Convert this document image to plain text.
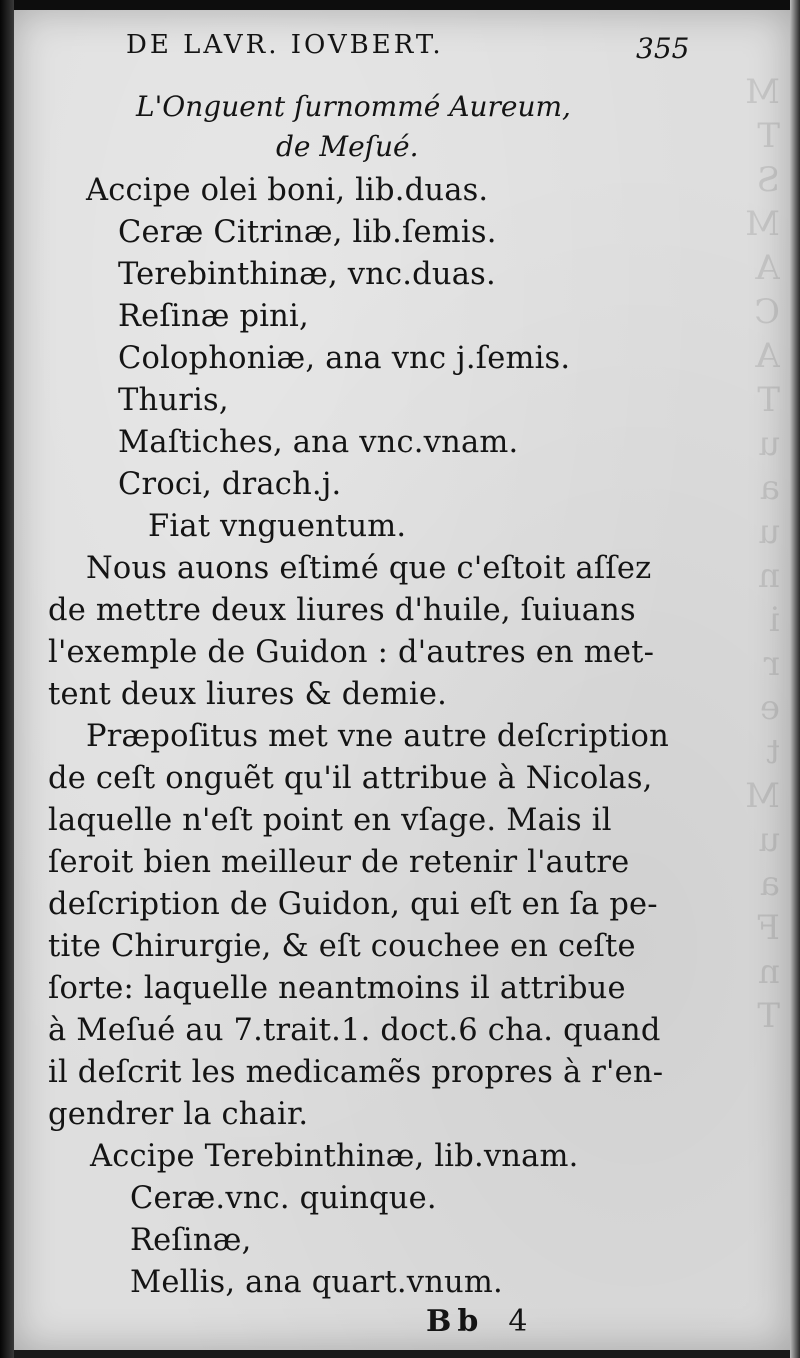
M
T
S
M
A
C
A
T
u
a
u
n
i
r
e
t
M
u
a
F
n
T
DE LAVR. IOVBERT.	355
L'Onguent ſurnommé Aureum,
de Meſué.
Accipe olei boni, lib.duas.
Ceræ Citrinæ, lib.ſemis.
Terebinthinæ, vnc.duas.
Reſinæ pini,
Colophoniæ, ana vnc j.ſemis.
Thuris,
Maſtiches, ana vnc.vnam.
Croci, drach.j.
Fiat vnguentum.
Nous auons eſtimé que c'eſtoit aſſez
de mettre deux liures d'huile, ſuiuans
l'exemple de Guidon : d'autres en met-
tent deux liures & demie.
Præpoſitus met vne autre deſcription
de ceſt onguẽt qu'il attribue à Nicolas,
laquelle n'eſt point en vſage. Mais il
ſeroit bien meilleur de retenir l'autre
deſcription de Guidon, qui eſt en ſa pe-
tite Chirurgie, & eſt couchee en ceſte
ſorte: laquelle neantmoins il attribue
à Meſué au 7.trait.1. doct.6 cha. quand
il deſcrit les medicamẽs propres à r'en-
gendrer la chair.
Accipe Terebinthinæ, lib.vnam.
Ceræ.vnc. quinque.
Reſinæ,
Mellis, ana quart.vnum.
Bb 4
